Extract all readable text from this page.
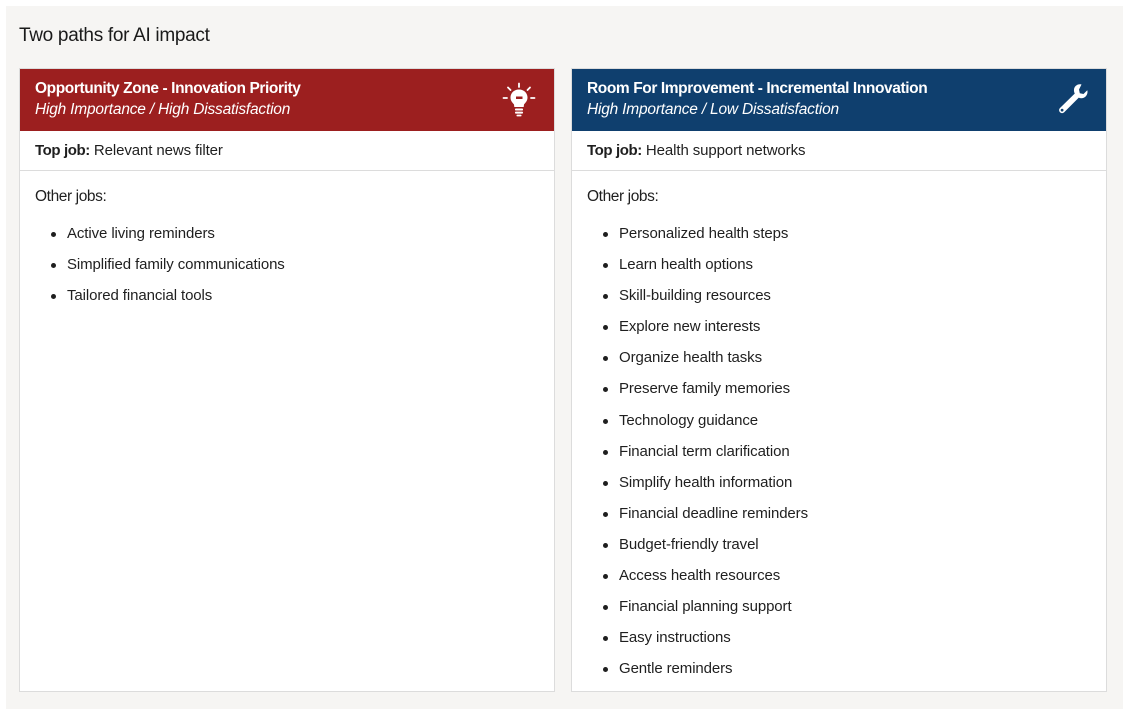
Two paths for AI impact

Opportunity Zone - Innovation Priority

High Importance / High Dissatisfaction

Top job: Relevant news filter
Other jobs:
Active living reminders
Simplified family communications
Tailored financial tools

Room For Improvement - Incremental Innovation

High Importance / Low Dissatisfaction

Top job: Health support networks
Other jobs:
Personalized health steps
Learn health options
Skill-building resources
Explore new interests
Organize health tasks
Preserve family memories
Technology guidance
Financial term clarification
Simplify health information
Financial deadline reminders
Budget-friendly travel
Access health resources
Financial planning support
Easy instructions
Gentle reminders
